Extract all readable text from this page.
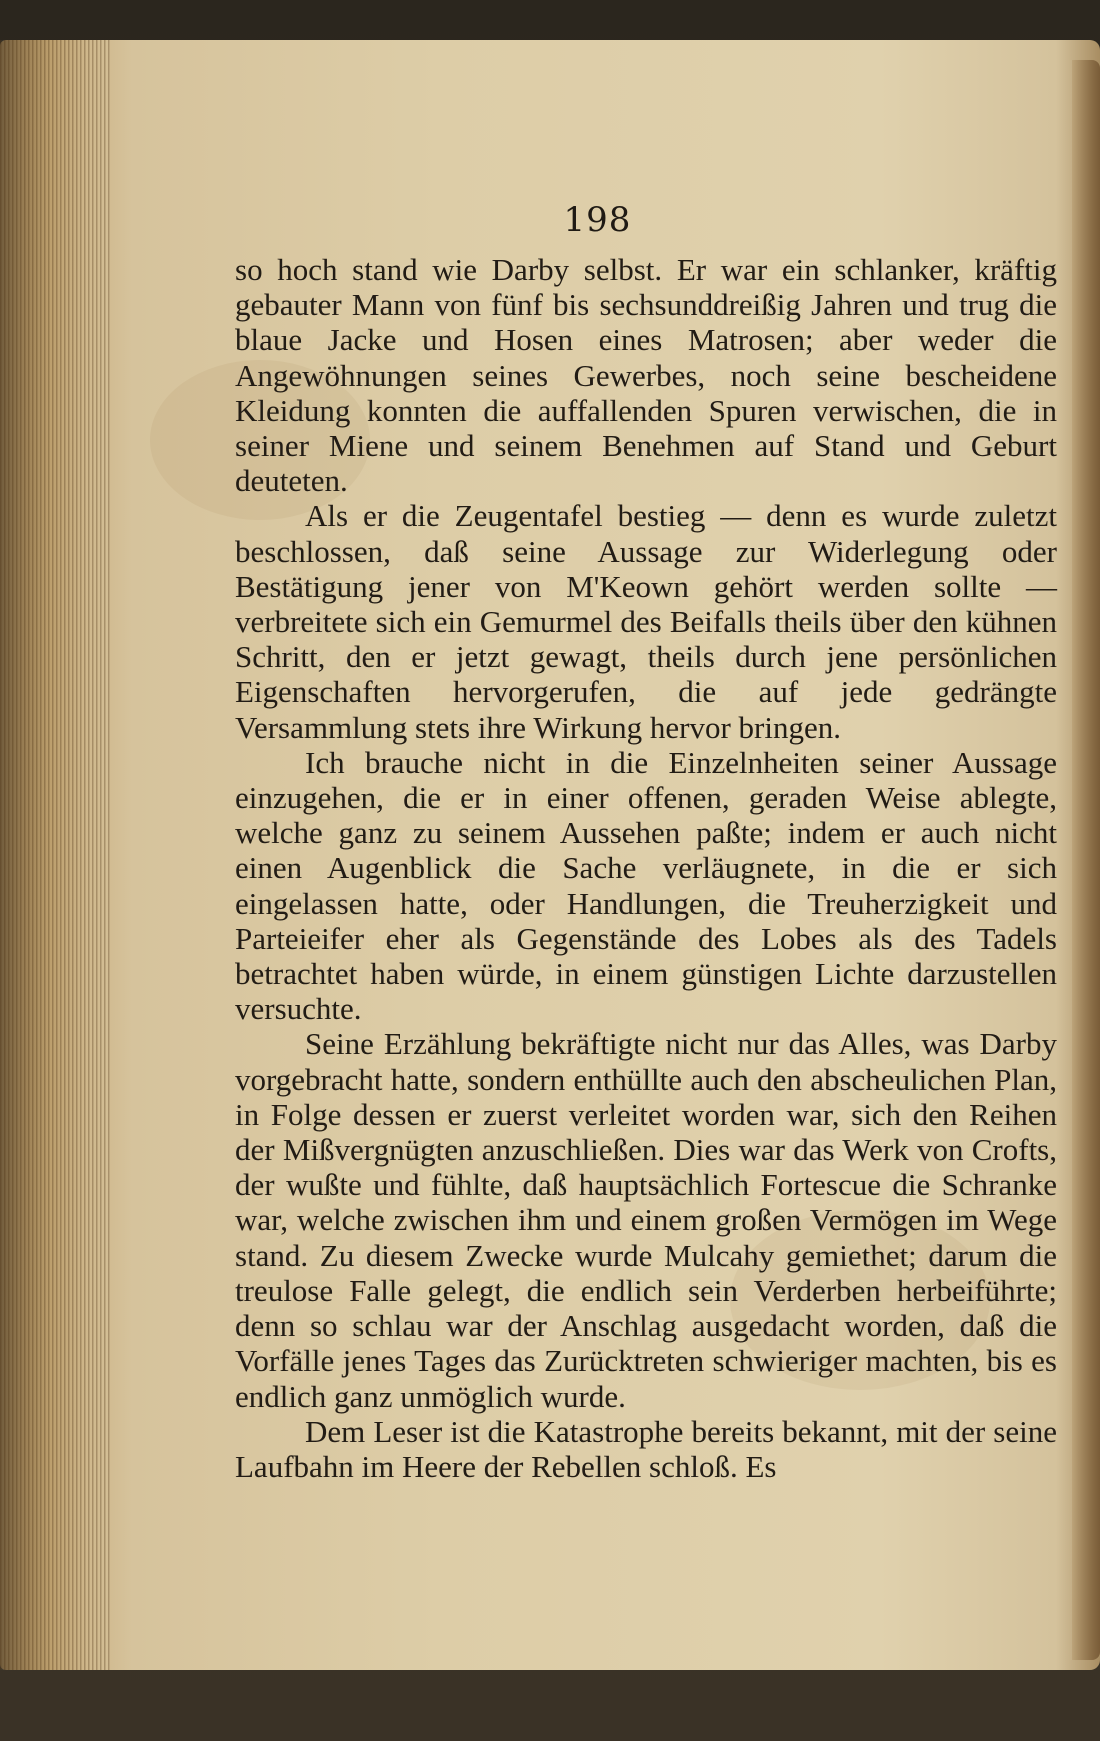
198

so hoch stand wie Darby selbst. Er war ein schlanker, kräftig gebauter Mann von fünf bis sechsunddreißig Jahren und trug die blaue Jacke und Hosen eines Matrosen; aber weder die Angewöhnungen seines Gewerbes, noch seine bescheidene Kleidung konnten die auffallenden Spuren verwischen, die in seiner Miene und seinem Benehmen auf Stand und Geburt deuteten.

Als er die Zeugentafel bestieg — denn es wurde zuletzt beschlossen, daß seine Aussage zur Widerlegung oder Bestätigung jener von M'Keown gehört werden sollte — verbreitete sich ein Gemurmel des Beifalls theils über den kühnen Schritt, den er jetzt gewagt, theils durch jene persönlichen Eigenschaften hervorgerufen, die auf jede gedrängte Versammlung stets ihre Wirkung hervor bringen.

Ich brauche nicht in die Einzelnheiten seiner Aussage einzugehen, die er in einer offenen, geraden Weise ablegte, welche ganz zu seinem Aussehen paßte; indem er auch nicht einen Augenblick die Sache verläugnete, in die er sich eingelassen hatte, oder Handlungen, die Treuherzigkeit und Parteieifer eher als Gegenstände des Lobes als des Tadels betrachtet haben würde, in einem günstigen Lichte darzustellen versuchte.

Seine Erzählung bekräftigte nicht nur das Alles, was Darby vorgebracht hatte, sondern enthüllte auch den abscheulichen Plan, in Folge dessen er zuerst verleitet worden war, sich den Reihen der Mißvergnügten anzuschließen. Dies war das Werk von Crofts, der wußte und fühlte, daß hauptsächlich Fortescue die Schranke war, welche zwischen ihm und einem großen Vermögen im Wege stand. Zu diesem Zwecke wurde Mulcahy gemiethet; darum die treulose Falle gelegt, die endlich sein Verderben herbeiführte; denn so schlau war der Anschlag ausgedacht worden, daß die Vorfälle jenes Tages das Zurücktreten schwieriger machten, bis es endlich ganz unmöglich wurde.

Dem Leser ist die Katastrophe bereits bekannt, mit der seine Laufbahn im Heere der Rebellen schloß. Es
